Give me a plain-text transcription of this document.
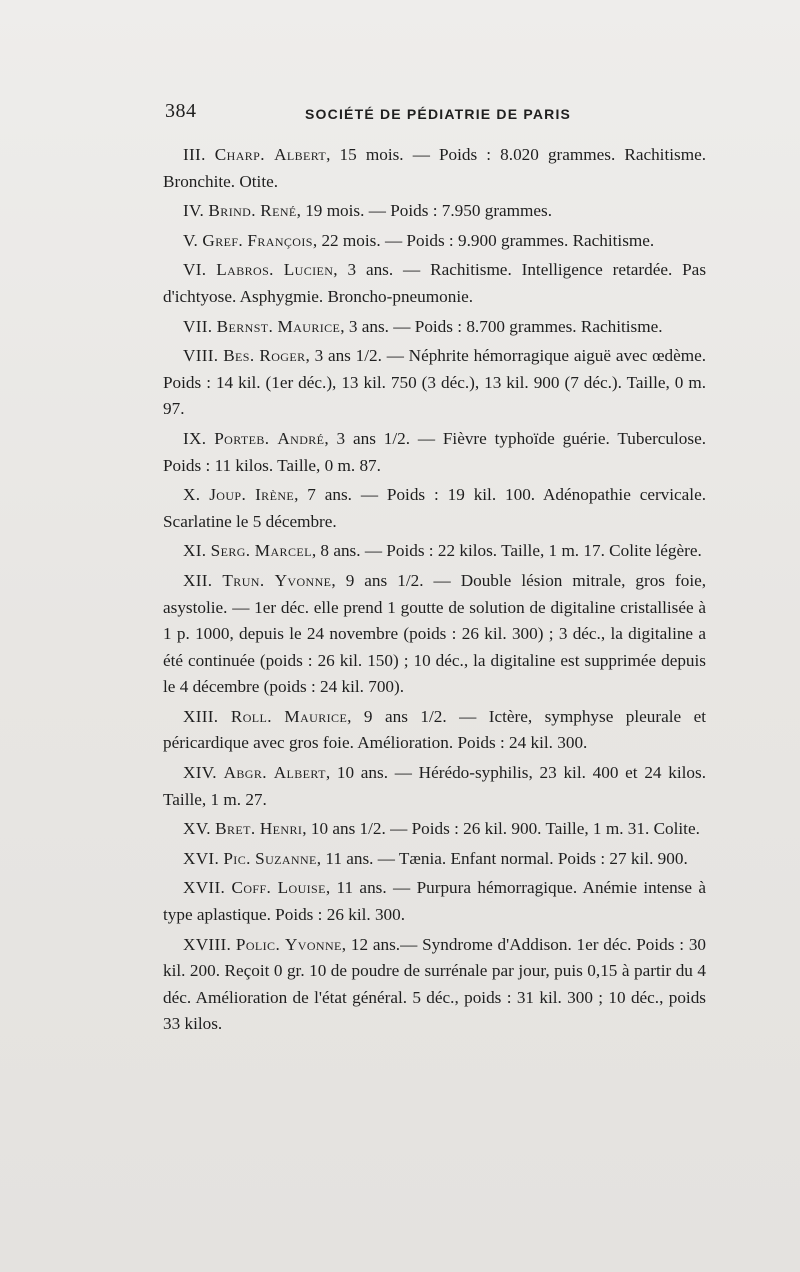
384	SOCIÉTÉ DE PÉDIATRIE DE PARIS

III. Charp. Albert, 15 mois. — Poids : 8.020 grammes. Rachitisme. Bronchite. Otite.

IV. Brind. René, 19 mois. — Poids : 7.950 grammes.

V. Gref. François, 22 mois. — Poids : 9.900 grammes. Rachitisme.

VI. Labros. Lucien, 3 ans. — Rachitisme. Intelligence retardée. Pas d'ichtyose. Asphygmie. Broncho-pneumonie.

VII. Bernst. Maurice, 3 ans. — Poids : 8.700 grammes. Rachitisme.

VIII. Bes. Roger, 3 ans 1/2. — Néphrite hémorragique aiguë avec œdème. Poids : 14 kil. (1er déc.), 13 kil. 750 (3 déc.), 13 kil. 900 (7 déc.). Taille, 0 m. 97.

IX. Porteb. André, 3 ans 1/2. — Fièvre typhoïde guérie. Tuberculose. Poids : 11 kilos. Taille, 0 m. 87.

X. Joup. Irène, 7 ans. — Poids : 19 kil. 100. Adénopathie cervicale. Scarlatine le 5 décembre.

XI. Serg. Marcel, 8 ans. — Poids : 22 kilos. Taille, 1 m. 17. Colite légère.

XII. Trun. Yvonne, 9 ans 1/2. — Double lésion mitrale, gros foie, asystolie. — 1er déc. elle prend 1 goutte de solution de digitaline cristallisée à 1 p. 1000, depuis le 24 novembre (poids : 26 kil. 300) ; 3 déc., la digitaline a été continuée (poids : 26 kil. 150) ; 10 déc., la digitaline est supprimée depuis le 4 décembre (poids : 24 kil. 700).

XIII. Roll. Maurice, 9 ans 1/2. — Ictère, symphyse pleurale et péricardique avec gros foie. Amélioration. Poids : 24 kil. 300.

XIV. Abgr. Albert, 10 ans. — Hérédo-syphilis, 23 kil. 400 et 24 kilos. Taille, 1 m. 27.

XV. Bret. Henri, 10 ans 1/2. — Poids : 26 kil. 900. Taille, 1 m. 31. Colite.

XVI. Pic. Suzanne, 11 ans. — Tænia. Enfant normal. Poids : 27 kil. 900.

XVII. Coff. Louise, 11 ans. — Purpura hémorragique. Anémie intense à type aplastique. Poids : 26 kil. 300.

XVIII. Polic. Yvonne, 12 ans.— Syndrome d'Addison. 1er déc. Poids : 30 kil. 200. Reçoit 0 gr. 10 de poudre de surrénale par jour, puis 0,15 à partir du 4 déc. Amélioration de l'état général. 5 déc., poids : 31 kil. 300 ; 10 déc., poids 33 kilos.
